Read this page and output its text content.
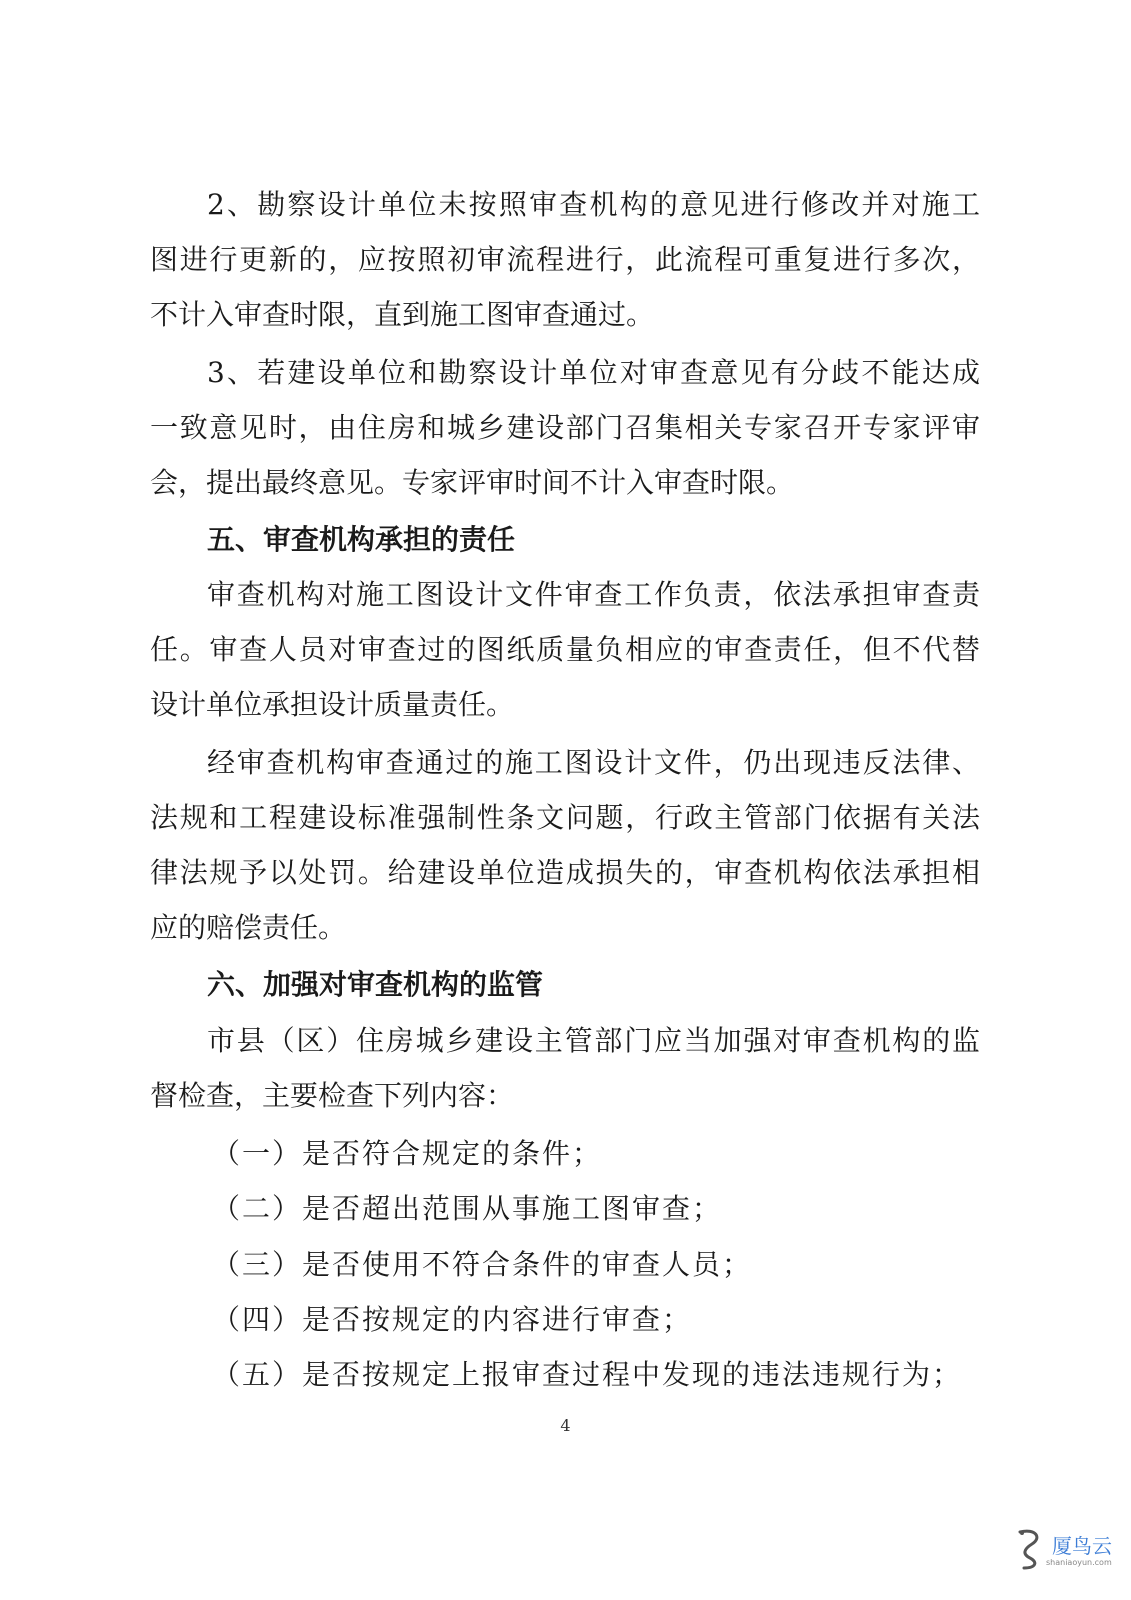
2、勘察设计单位未按照审查机构的意见进行修改并对施工
图进行更新的，应按照初审流程进行，此流程可重复进行多次，
不计入审查时限，直到施工图审查通过。
3、若建设单位和勘察设计单位对审查意见有分歧不能达成
一致意见时，由住房和城乡建设部门召集相关专家召开专家评审
会，提出最终意见。专家评审时间不计入审查时限。
五、审查机构承担的责任
审查机构对施工图设计文件审查工作负责，依法承担审查责
任。审查人员对审查过的图纸质量负相应的审查责任，但不代替
设计单位承担设计质量责任。
经审查机构审查通过的施工图设计文件，仍出现违反法律、
法规和工程建设标准强制性条文问题，行政主管部门依据有关法
律法规予以处罚。给建设单位造成损失的，审查机构依法承担相
应的赔偿责任。
六、加强对审查机构的监管
市县（区）住房城乡建设主管部门应当加强对审查机构的监
督检查，主要检查下列内容：
（一）是否符合规定的条件；
（二）是否超出范围从事施工图审查；
（三）是否使用不符合条件的审查人员；
（四）是否按规定的内容进行审查；
（五）是否按规定上报审查过程中发现的违法违规行为；
4
厦鸟云
shaniaoyun.com
